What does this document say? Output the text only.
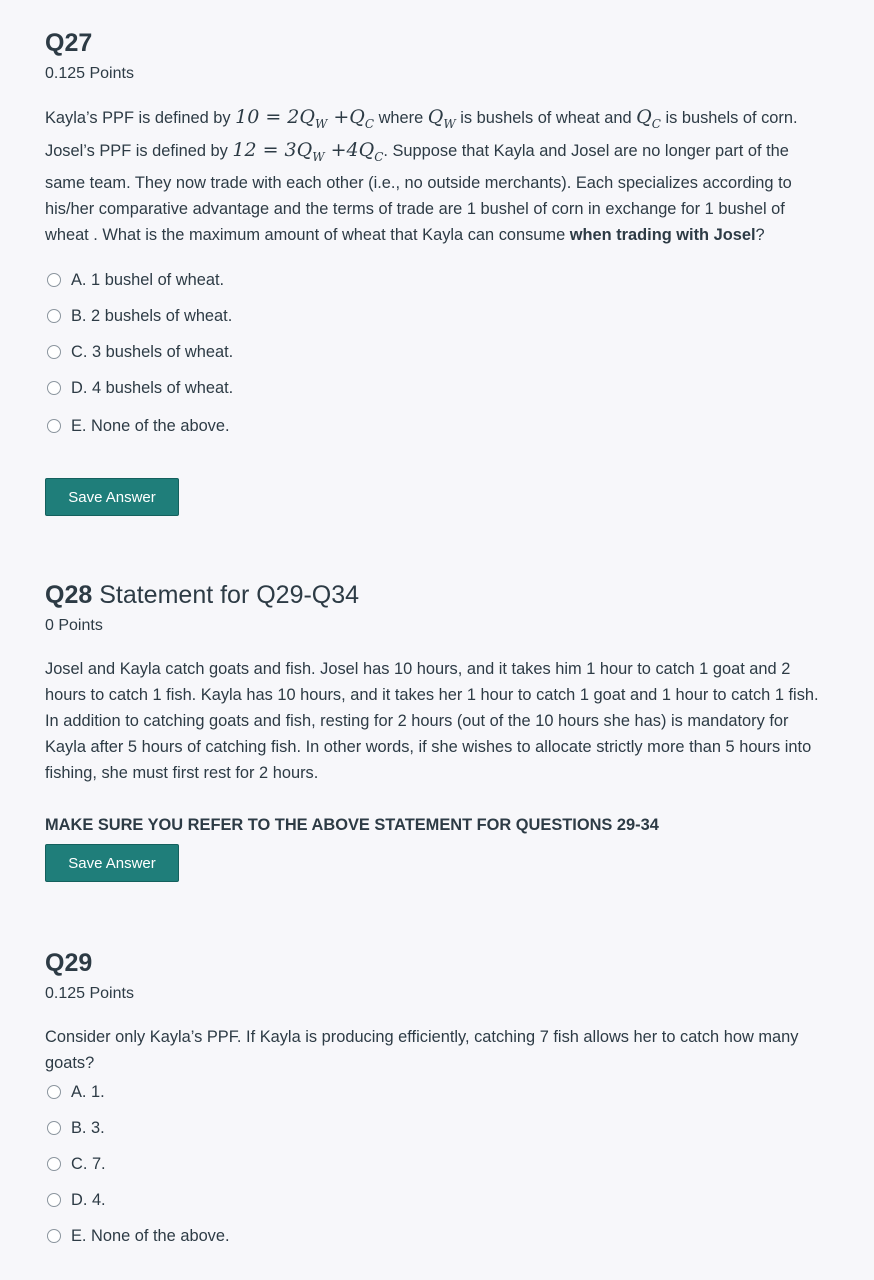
Q27
0.125 Points
Kayla’s PPF is defined by $10 = 2Q_W +Q_C$ where $Q_W$ is bushels of wheat and $Q_C$ is bushels of corn. Josel’s PPF is defined by $12 = 3Q_W +4Q_C$. Suppose that Kayla and Josel are no longer part of the same team. They now trade with each other (i.e., no outside merchants). Each specializes according to his/her comparative advantage and the terms of trade are 1 bushel of corn in exchange for 1 bushel of wheat . What is the maximum amount of wheat that Kayla can consume when trading with Josel?
A. 1 bushel of wheat.
B. 2 bushels of wheat.
C. 3 bushels of wheat.
D. 4 bushels of wheat.
E. None of the above.
Save Answer
Q28 Statement for Q29-Q34
0 Points
Josel and Kayla catch goats and fish. Josel has 10 hours, and it takes him 1 hour to catch 1 goat and 2 hours to catch 1 fish. Kayla has 10 hours, and it takes her 1 hour to catch 1 goat and 1 hour to catch 1 fish. In addition to catching goats and fish, resting for 2 hours (out of the 10 hours she has) is mandatory for Kayla after 5 hours of catching fish. In other words, if she wishes to allocate strictly more than 5 hours into fishing, she must first rest for 2 hours.
MAKE SURE YOU REFER TO THE ABOVE STATEMENT FOR QUESTIONS 29-34
Save Answer
Q29
0.125 Points
Consider only Kayla’s PPF. If Kayla is producing efficiently, catching 7 fish allows her to catch how many goats?
A. 1.
B. 3.
C. 7.
D. 4.
E. None of the above.
